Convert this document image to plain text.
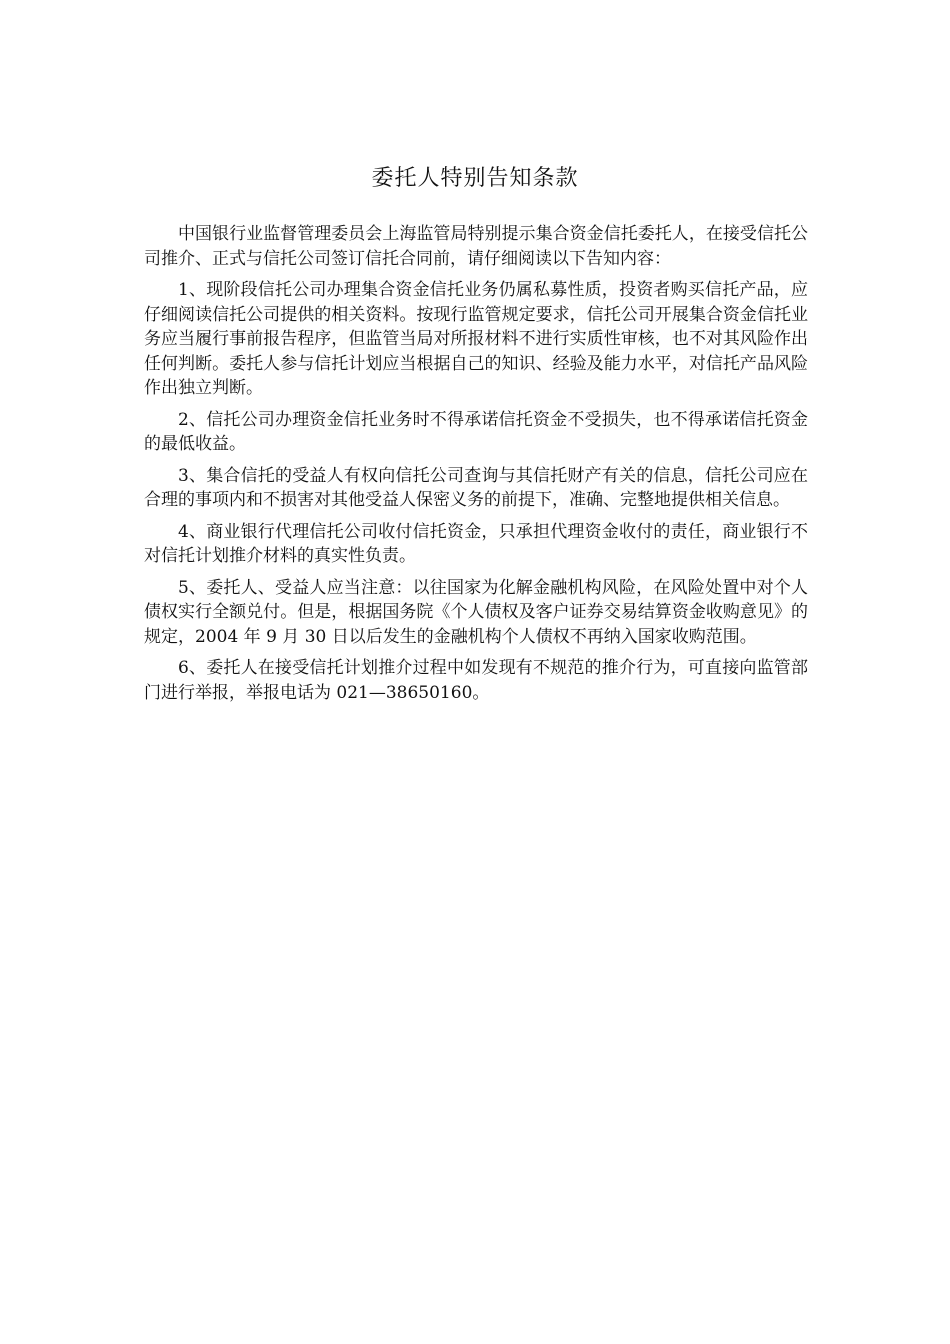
委托人特别告知条款

中国银行业监督管理委员会上海监管局特别提示集合资金信托委托人，在接受信托公司推介、正式与信托公司签订信托合同前，请仔细阅读以下告知内容：

1、现阶段信托公司办理集合资金信托业务仍属私募性质，投资者购买信托产品，应仔细阅读信托公司提供的相关资料。按现行监管规定要求，信托公司开展集合资金信托业务应当履行事前报告程序，但监管当局对所报材料不进行实质性审核，也不对其风险作出任何判断。委托人参与信托计划应当根据自己的知识、经验及能力水平，对信托产品风险作出独立判断。

2、信托公司办理资金信托业务时不得承诺信托资金不受损失，也不得承诺信托资金的最低收益。

3、集合信托的受益人有权向信托公司查询与其信托财产有关的信息，信托公司应在合理的事项内和不损害对其他受益人保密义务的前提下，准确、完整地提供相关信息。

4、商业银行代理信托公司收付信托资金，只承担代理资金收付的责任，商业银行不对信托计划推介材料的真实性负责。

5、委托人、受益人应当注意：以往国家为化解金融机构风险，在风险处置中对个人债权实行全额兑付。但是，根据国务院《个人债权及客户证券交易结算资金收购意见》的规定，2004 年 9 月 30 日以后发生的金融机构个人债权不再纳入国家收购范围。

6、委托人在接受信托计划推介过程中如发现有不规范的推介行为，可直接向监管部门进行举报，举报电话为 021—38650160。
